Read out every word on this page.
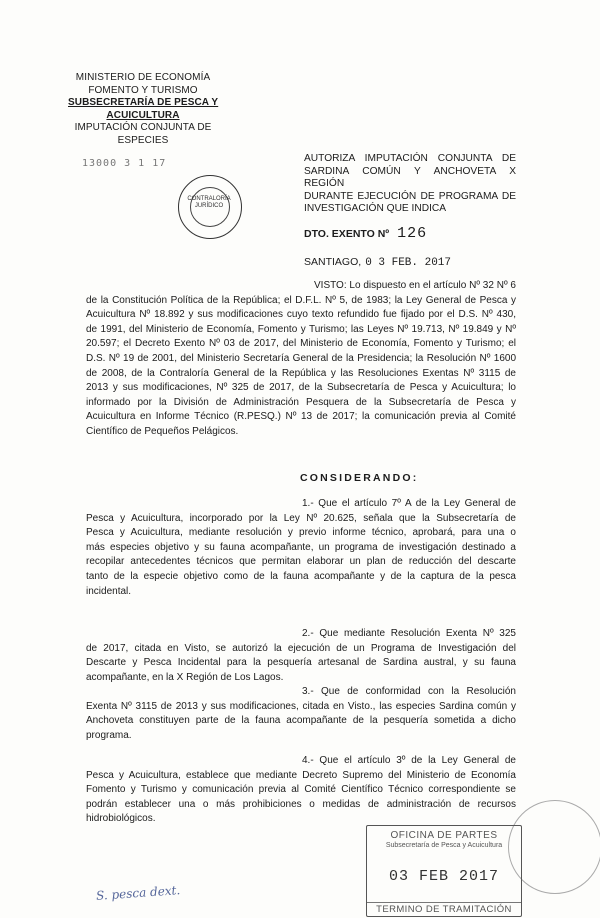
MINISTERIO DE ECONOMÍA
FOMENTO Y TURISMO
SUBSECRETARÍA DE PESCA Y
ACUICULTURA
IMPUTACIÓN CONJUNTA DE
ESPECIES
13000 3 1 17
CONTRALORÍA
JURÍDICO
AUTORIZA IMPUTACIÓN CONJUNTA DE
SARDINA COMÚN Y ANCHOVETA X REGIÓN
DURANTE EJECUCIÓN DE PROGRAMA DE
INVESTIGACIÓN QUE INDICA
DTO. EXENTO Nº 126
SANTIAGO, 0 3 FEB. 2017
VISTO: Lo dispuesto en el artículo Nº 32 Nº 6
de la Constitución Política de la República; el D.F.L. Nº 5, de 1983; la Ley General de Pesca y
Acuicultura Nº 18.892 y sus modificaciones cuyo texto refundido fue fijado por el D.S. Nº 430,
de 1991, del Ministerio de Economía, Fomento y Turismo; las Leyes Nº 19.713, Nº 19.849 y Nº
20.597; el Decreto Exento Nº 03 de 2017, del Ministerio de Economía, Fomento y Turismo; el
D.S. Nº 19 de 2001, del Ministerio Secretaría General de la Presidencia; la Resolución Nº 1600
de 2008, de la Contraloría General de la República y las Resoluciones Exentas Nº 3115 de
2013 y sus modificaciones, Nº 325 de 2017, de la Subsecretaría de Pesca y Acuicultura; lo
informado por la División de Administración Pesquera de la Subsecretaría de Pesca y
Acuicultura en Informe Técnico (R.PESQ.) Nº 13 de 2017; la comunicación previa al Comité
Científico de Pequeños Pelágicos.
CONSIDERANDO:
1.- Que el artículo 7º A de la Ley General de
Pesca y Acuicultura, incorporado por la Ley Nº 20.625, señala que la Subsecretaría de
Pesca y Acuicultura, mediante resolución y previo informe técnico, aprobará, para una o
más especies objetivo y su fauna acompañante, un programa de investigación destinado a
recopilar antecedentes técnicos que permitan elaborar un plan de reducción del descarte
tanto de la especie objetivo como de la fauna acompañante y de la captura de la pesca
incidental.
2.- Que mediante Resolución Exenta Nº 325
de 2017, citada en Visto, se autorizó la ejecución de un Programa de Investigación del
Descarte y Pesca Incidental para la pesquería artesanal de Sardina austral, y su fauna
acompañante, en la X Región de Los Lagos.
3.- Que de conformidad con la Resolución
Exenta Nº 3115 de 2013 y sus modificaciones, citada en Visto., las especies Sardina común y
Anchoveta constituyen parte de la fauna acompañante de la pesquería sometida a dicho
programa.
4.- Que el artículo 3º de la Ley General de
Pesca y Acuicultura, establece que mediante Decreto Supremo del Ministerio de Economía
Fomento y Turismo y comunicación previa al Comité Científico Técnico correspondiente se
podrán establecer una o más prohibiciones o medidas de administración de recursos
hidrobiológicos.
OFICINA DE PARTES
Subsecretaría de Pesca y Acuicultura
03 FEB 2017
TERMINO DE TRAMITACIÓN
S. pesca dext.
